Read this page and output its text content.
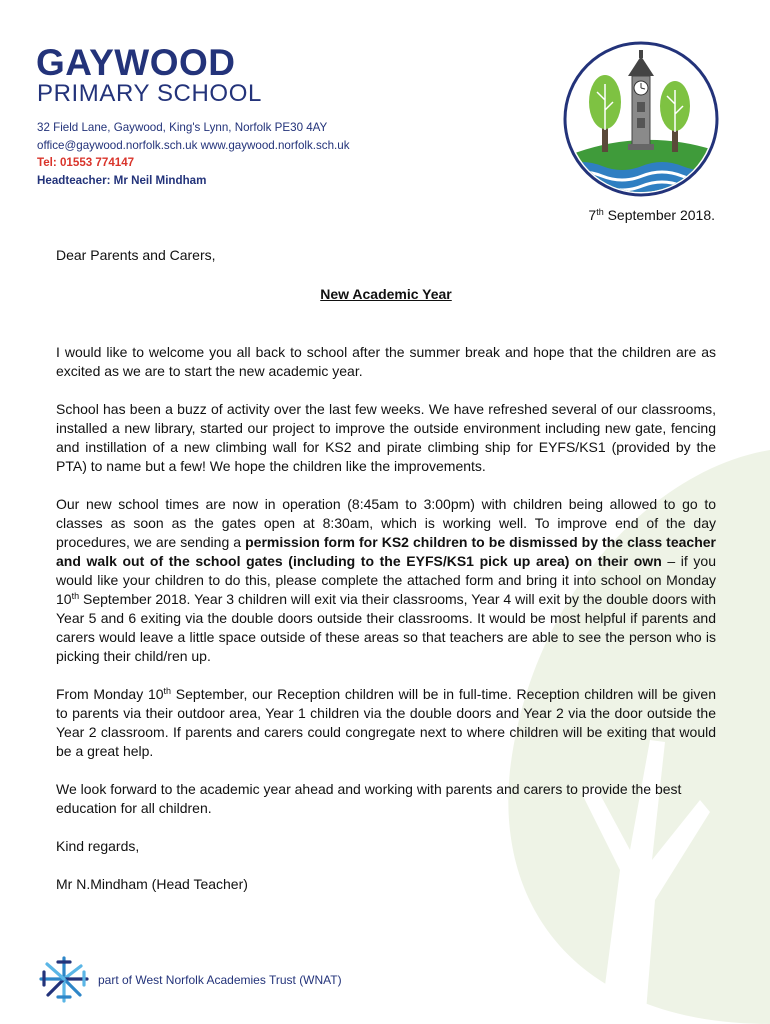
GAYWOOD
PRIMARY SCHOOL
32 Field Lane, Gaywood, King's Lynn, Norfolk PE30 4AY
office@gaywood.norfolk.sch.uk www.gaywood.norfolk.sch.uk
Tel: 01553 774147
Headteacher: Mr Neil Mindham
7th September 2018.
Dear Parents and Carers,
New Academic Year

I would like to welcome you all back to school after the summer break and hope that the children are as excited as we are to start the new academic year.

School has been a buzz of activity over the last few weeks. We have refreshed several of our classrooms, installed a new library, started our project to improve the outside environment including new gate, fencing and instillation of a new climbing wall for KS2 and pirate climbing ship for EYFS/KS1 (provided by the PTA) to name but a few! We hope the children like the improvements.

Our new school times are now in operation (8:45am to 3:00pm) with children being allowed to go to classes as soon as the gates open at 8:30am, which is working well. To improve end of the day procedures, we are sending a permission form for KS2 children to be dismissed by the class teacher and walk out of the school gates (including to the EYFS/KS1 pick up area) on their own – if you would like your children to do this, please complete the attached form and bring it into school on Monday 10th September 2018. Year 3 children will exit via their classrooms, Year 4 will exit by the double doors with Year 5 and 6 exiting via the double doors outside their classrooms. It would be most helpful if parents and carers would leave a little space outside of these areas so that teachers are able to see the person who is picking their child/ren up.

From Monday 10th September, our Reception children will be in full-time. Reception children will be given to parents via their outdoor area, Year 1 children via the double doors and Year 2 via the door outside the Year 2 classroom. If parents and carers could congregate next to where children will be exiting that would be a great help.

We look forward to the academic year ahead and working with parents and carers to provide the best education for all children.

Kind regards,

Mr N.Mindham (Head Teacher)

part of West Norfolk Academies Trust (WNAT)
